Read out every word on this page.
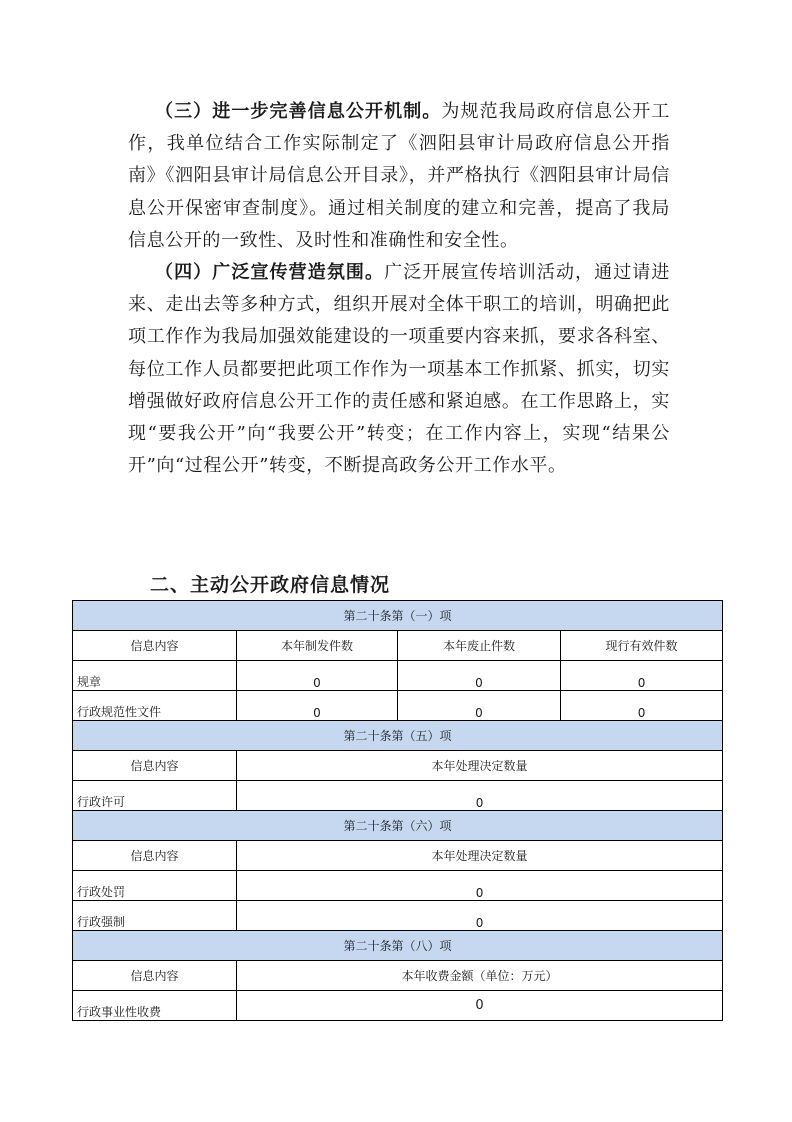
（三）进一步完善信息公开机制。为规范我局政府信息公开工作，我单位结合工作实际制定了《泗阳县审计局政府信息公开指南》《泗阳县审计局信息公开目录》，并严格执行《泗阳县审计局信息公开保密审查制度》。通过相关制度的建立和完善，提高了我局信息公开的一致性、及时性和准确性和安全性。

（四）广泛宣传营造氛围。广泛开展宣传培训活动，通过请进来、走出去等多种方式，组织开展对全体干职工的培训，明确把此项工作作为我局加强效能建设的一项重要内容来抓，要求各科室、每位工作人员都要把此项工作作为一项基本工作抓紧、抓实，切实增强做好政府信息公开工作的责任感和紧迫感。在工作思路上，实现“要我公开”向“我要公开”转变；在工作内容上，实现“结果公开”向“过程公开”转变，不断提高政务公开工作水平。

二、主动公开政府信息情况
第二十条第（一）项			
信息内容	本年制发件数	本年废止件数	现行有效件数
规章	0	0	0
行政规范性文件	0	0	0
第二十条第（五）项			
信息内容	本年处理决定数量		
行政许可	0		
第二十条第（六）项			
信息内容	本年处理决定数量		
行政处罚	0		
行政强制	0		
第二十条第（八）项			
信息内容	本年收费金额（单位：万元）		
行政事业性收费	0		
